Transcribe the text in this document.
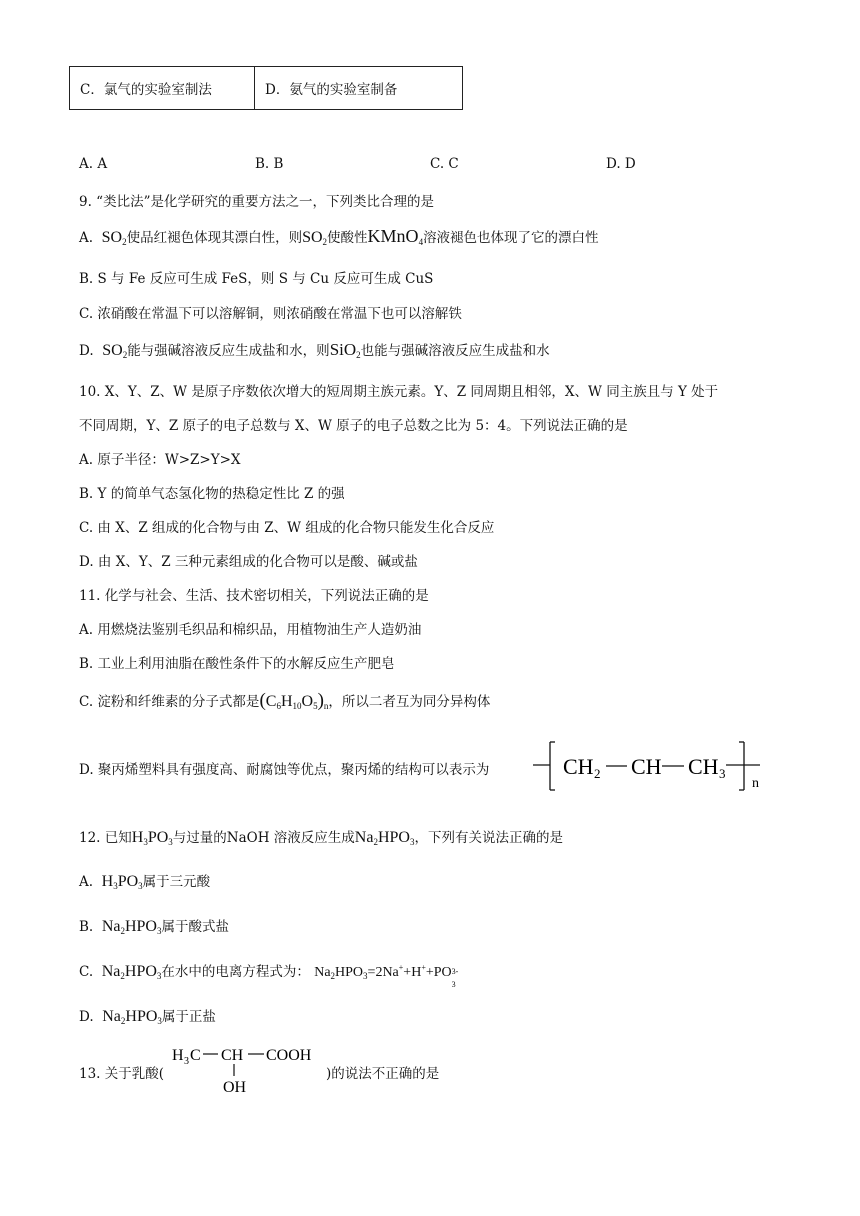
C．氯气的实验室制法	D．氨气的实验室制备
A. A	B. B	C. C	D. D
9. “类比法”是化学研究的重要方法之一，下列类比合理的是
A. $SO_2$使品红褪色体现其漂白性，则$SO_2$使酸性KMnO$_4$溶液褪色也体现了它的漂白性
B. S 与 Fe 反应可生成 FeS，则 S 与 Cu 反应可生成 CuS
C. 浓硝酸在常温下可以溶解铜，则浓硝酸在常温下也可以溶解铁
D. $SO_2$能与强碱溶液反应生成盐和水，则SiO$_2$也能与强碱溶液反应生成盐和水
10. X、Y、Z、W 是原子序数依次增大的短周期主族元素。Y、Z 同周期且相邻，X、W 同主族且与 Y 处于
不同周期，Y、Z 原子的电子总数与 X、W 原子的电子总数之比为 5：4。下列说法正确的是
A. 原子半径：W>Z>Y>X
B. Y 的简单气态氢化物的热稳定性比 Z 的强
C. 由 X、Z 组成的化合物与由 Z、W 组成的化合物只能发生化合反应
D. 由 X、Y、Z 三种元素组成的化合物可以是酸、碱或盐
11. 化学与社会、生活、技术密切相关，下列说法正确的是
A. 用燃烧法鉴别毛织品和棉织品，用植物油生产人造奶油
B. 工业上利用油脂在酸性条件下的水解反应生产肥皂
C. 淀粉和纤维素的分子式都是$(C_6H_{10}O_5)_n$，所以二者互为同分异构体
D. 聚丙烯塑料具有强度高、耐腐蚀等优点，聚丙烯的结构可以表示为	CH 2 CH CH 3
n
12. 已知$H_3PO_3$与过量的NaOH 溶液反应生成$Na_2HPO_3$，下列有关说法正确的是
A. $H_3PO_3$属于三元酸
B. $Na_2HPO_3$属于酸式盐
C. $Na_2HPO_3$在水中的电离方程式为： $Na_2HPO_3=2Na^++H^++PO$ 3-
3
D. $Na_2HPO_3$属于正盐
13. 关于乳酸(
H 3 C CH COOH
OH
)的说法不正确的是
